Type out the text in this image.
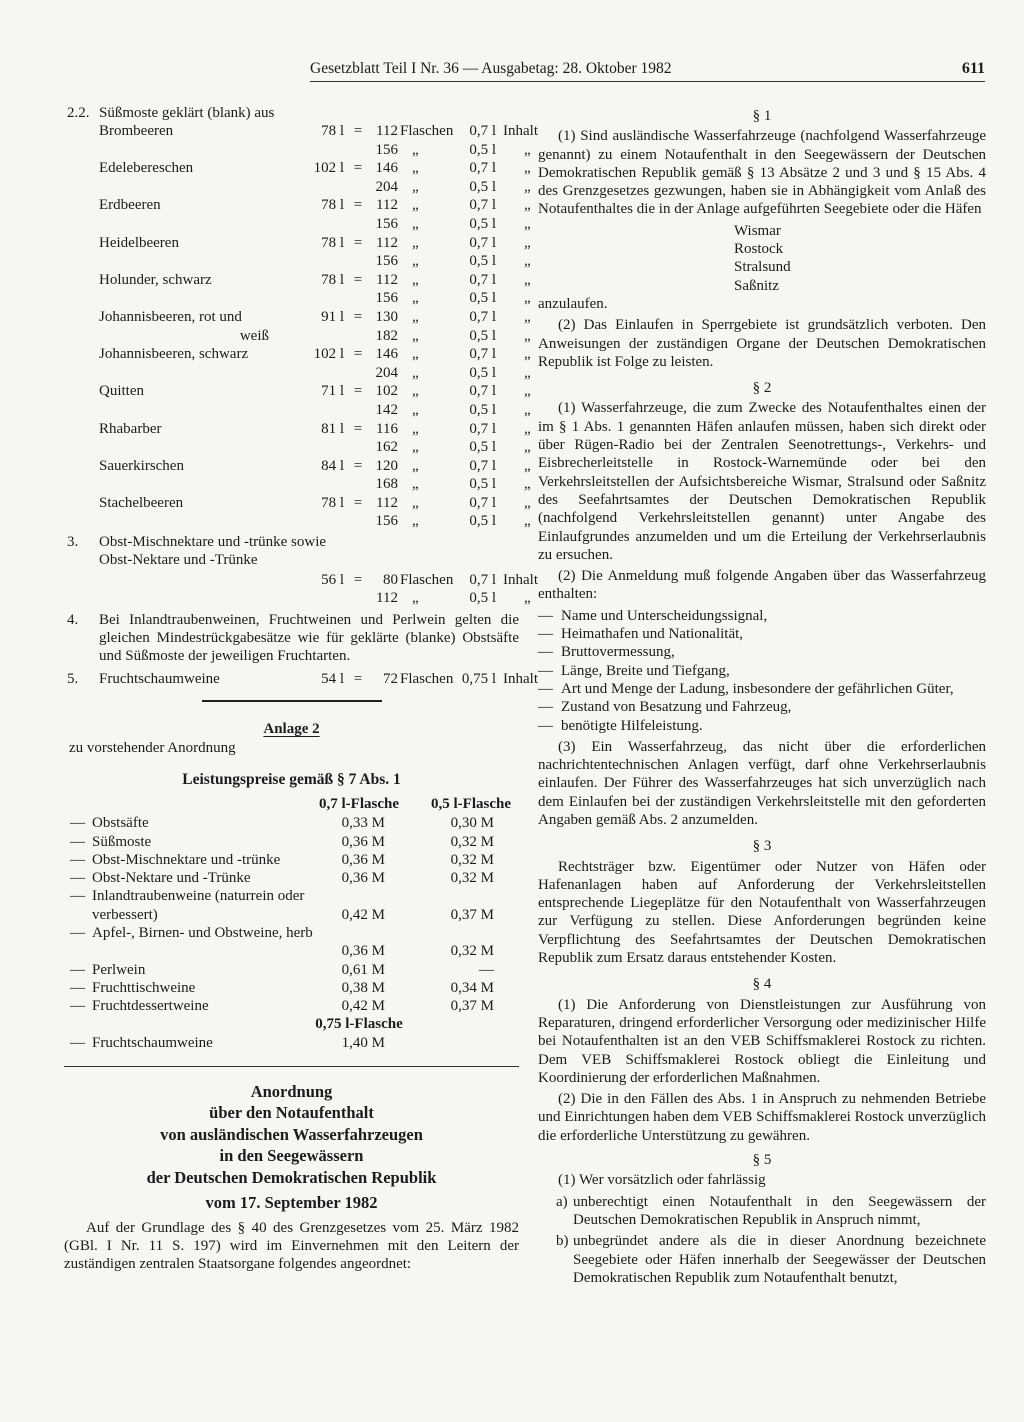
Gesetzblatt Teil I Nr. 36 — Ausgabetag: 28. Oktober 1982	611
2.2. Süßmoste geklärt (blank) aus
Brombeeren	78 l = 112 Flaschen	0,7 l Inhalt
156 „	0,5 l „
Edelebereschen	102 l = 146 „	0,7 l „
204 „	0,5 l „
Erdbeeren	78 l = 112 „	0,7 l „
156 „	0,5 l „
Heidelbeeren	78 l = 112 „	0,7 l „
156 „	0,5 l „
Holunder, schwarz	78 l = 112 „	0,7 l „
156 „	0,5 l „
Johannisbeeren, rot und	91 l = 130 „	0,7 l „
weiß	182 „	0,5 l „
Johannisbeeren, schwarz	102 l = 146 „	0,7 l „
204 „	0,5 l „
Quitten	71 l = 102 „	0,7 l „
142 „	0,5 l „
Rhabarber	81 l = 116 „	0,7 l „
162 „	0,5 l „
Sauerkirschen	84 l = 120 „	0,7 l „
168 „	0,5 l „
Stachelbeeren	78 l = 112 „	0,7 l „
156 „	0,5 l „
3. Obst-Mischnektare und -trünke sowie
Obst-Nektare und -Trünke
56 l =	80 Flaschen	0,7 l Inhalt
112 „	0,5 l „
4. Bei Inlandtraubenweinen, Fruchtweinen und Perlwein gelten die gleichen Mindestrückgabesätze wie für geklärte (blanke) Obstsäfte und Süßmoste der jeweiligen Fruchtarten.
5. Fruchtschaumweine	54 l =	72 Flaschen 0,75 l Inhalt
Anlage 2
zu vorstehender Anordnung
Leistungspreise gemäß § 7 Abs. 1
0,7 l-Flasche	0,5 l-Flasche
— Obstsäfte	0,33 M	0,30 M
— Süßmoste	0,36 M	0,32 M
— Obst-Mischnektare und -trünke	0,36 M	0,32 M
— Obst-Nektare und -Trünke	0,36 M	0,32 M
— Inlandtraubenweine (naturrein oder verbessert)	0,42 M	0,37 M
— Apfel-, Birnen- und Obstweine, herb
0,36 M	0,32 M
— Perlwein	0,61 M	—
— Fruchttischweine	0,38 M	0,34 M
— Fruchtdessertweine	0,42 M	0,37 M
0,75 l-Flasche
— Fruchtschaumweine	1,40 M
Anordnung
über den Notaufenthalt
von ausländischen Wasserfahrzeugen
in den Seegewässern
der Deutschen Demokratischen Republik
vom 17. September 1982
Auf der Grundlage des § 40 des Grenzgesetzes vom 25. März 1982 (GBl. I Nr. 11 S. 197) wird im Einvernehmen mit den Leitern der zuständigen zentralen Staatsorgane folgendes angeordnet:
§ 1
(1) Sind ausländische Wasserfahrzeuge (nachfolgend Wasserfahrzeuge genannt) zu einem Notaufenthalt in den Seegewässern der Deutschen Demokratischen Republik gemäß § 13 Absätze 2 und 3 und § 15 Abs. 4 des Grenzgesetzes gezwungen, haben sie in Abhängigkeit vom Anlaß des Notaufenthaltes die in der Anlage aufgeführten Seegebiete oder die Häfen
Wismar
Rostock
Stralsund
Saßnitz
anzulaufen.
(2) Das Einlaufen in Sperrgebiete ist grundsätzlich verboten. Den Anweisungen der zuständigen Organe der Deutschen Demokratischen Republik ist Folge zu leisten.
§ 2
(1) Wasserfahrzeuge, die zum Zwecke des Notaufenthaltes einen der im § 1 Abs. 1 genannten Häfen anlaufen müssen, haben sich direkt oder über Rügen-Radio bei der Zentralen Seenotrettungs-, Verkehrs- und Eisbrecherleitstelle in Rostock-Warnemünde oder bei den Verkehrsleitstellen der Aufsichtsbereiche Wismar, Stralsund oder Saßnitz des Seefahrtsamtes der Deutschen Demokratischen Republik (nachfolgend Verkehrsleitstellen genannt) unter Angabe des Einlaufgrundes anzumelden und um die Erteilung der Verkehrserlaubnis zu ersuchen.
(2) Die Anmeldung muß folgende Angaben über das Wasserfahrzeug enthalten:
— Name und Unterscheidungssignal,
— Heimathafen und Nationalität,
— Bruttovermessung,
— Länge, Breite und Tiefgang,
— Art und Menge der Ladung, insbesondere der gefährlichen Güter,
— Zustand von Besatzung und Fahrzeug,
— benötigte Hilfeleistung.
(3) Ein Wasserfahrzeug, das nicht über die erforderlichen nachrichtentechnischen Anlagen verfügt, darf ohne Verkehrserlaubnis einlaufen. Der Führer des Wasserfahrzeuges hat sich unverzüglich nach dem Einlaufen bei der zuständigen Verkehrsleitstelle mit den geforderten Angaben gemäß Abs. 2 anzumelden.
§ 3
Rechtsträger bzw. Eigentümer oder Nutzer von Häfen oder Hafenanlagen haben auf Anforderung der Verkehrsleitstellen entsprechende Liegeplätze für den Notaufenthalt von Wasserfahrzeugen zur Verfügung zu stellen. Diese Anforderungen begründen keine Verpflichtung des Seefahrtsamtes der Deutschen Demokratischen Republik zum Ersatz daraus entstehender Kosten.
§ 4
(1) Die Anforderung von Dienstleistungen zur Ausführung von Reparaturen, dringend erforderlicher Versorgung oder medizinischer Hilfe bei Notaufenthalten ist an den VEB Schiffsmaklerei Rostock zu richten. Dem VEB Schiffsmaklerei Rostock obliegt die Einleitung und Koordinierung der erforderlichen Maßnahmen.
(2) Die in den Fällen des Abs. 1 in Anspruch zu nehmenden Betriebe und Einrichtungen haben dem VEB Schiffsmaklerei Rostock unverzüglich die erforderliche Unterstützung zu gewähren.
§ 5
(1) Wer vorsätzlich oder fahrlässig
a) unberechtigt einen Notaufenthalt in den Seegewässern der Deutschen Demokratischen Republik in Anspruch nimmt,
b) unbegründet andere als die in dieser Anordnung bezeichnete Seegebiete oder Häfen innerhalb der Seegewässer der Deutschen Demokratischen Republik zum Notaufenthalt benutzt,
